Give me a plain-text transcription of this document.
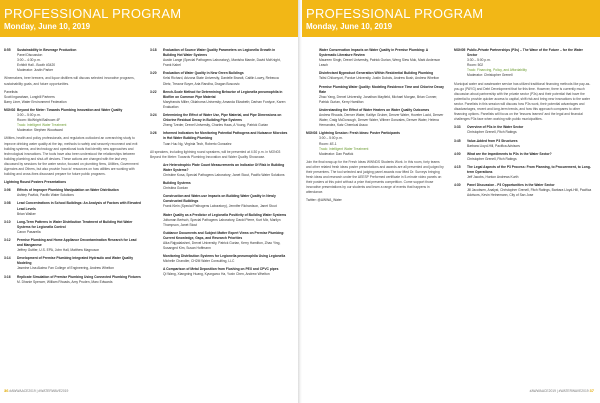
PROFESSIONAL PROGRAM
Monday, June 10, 2019
8:55	Sustainability in Beverage Production
Panel Discussion
3:00 – 4:30 p.m.
Exhibit Hall - Booth #3420
Moderator: Justin Parker
Winemakers, beer brewers, and liquor distillers will discuss selected innovative programs, sustainability goals, and future opportunities.
Panelists:
Scott Ingaraham, Longhill Partners
Barry Liner, Water Environment Federation
MON02 Beyond the Meter: Towards Plumbing Innovation and Water Quality
3:00 – 5:00 p.m.
Room: McWright Ballroom 4F
Track: Intelligent Water Treatment
Moderator: Stephen Woodward
Utilities, health and policy professionals, and regulators outlooked an overarching study to improve drinking water quality at the tap, methods to safely and securely reconnect and exit building systems, and technology and operational tools that identify new approaches and technological innovations. The tools have also been understood the relationships between building plumbing and shut-off devices. These actions are changed with the last very discussed by sessions for the water sector, focused on plumbing firms, Utilities, Government Agencies and Others, but also provide 'how-to' resources on how utilities are working with building and cross-fixes discussed prepare for future public programs.
Lightning Round Posters Presentations
3:06	Effects of Improper Plumbing Manipulation on Water Distribution
Ashley Pavlick, Pacific Water Solutions
3:08	Lead Concentrations in School Buildings: An Analysis of Factors with Elevated Lead Levels
Brian Walker
3:10	Long-Term Patterns in Water Distribution Treatment of Building Hot Water Systems for Legionella Control
Caron Pasarella
3:12	Premise Plumbing and Home Appliance Decontamination Research for Lead and Manganese
Jeffrey Guttler, U.S. EPA, John Hall, Matthew Magnuson
3:14	Development of Premise Plumbing Integrated Hydraulic and Water Quality Modeling
Jasmine Lina Alaimo Fan College of Engineering, Andrew Whelton
3:16	Replicate Simulation of Premise Plumbing Using Connected Plumbing Fixtures
M. Dhanie Spencer, William Rhoads, Amy Pruden, Marc Edwards
3:18	Evaluation of Source Water Quality Parameters on Legionella Growth in Building Hot Water Systems
Austin Lange (Special Pathogens Laboratory), Manisha Mande, David McKnight, Frank Kabel
3:20	Evaluation of Water Quality in New Green Buildings
Kelsi Richard, Arizona State University, Danielle Brandt, Caitlin Lowry, Rebecca Dietz, Treavor Boyer, Aria Randha, Dragan Boscovic
3:22	Bench-Scale Method for Determining Behavior of Legionella pneumophila in Biofilm on Common Pipe Material
Maryfrancis Miller, Oklahoma University; Amanda Elizabeth; Darhan Fordyce, Karen Evaluation
3:24	Determining the Effect of Water Use, Pipe Material, and Pipe Dimensions on Chlorine Residual Decay in Building Pipe Systems
Zheng Tzeder, Drexel University, Charles Haas, A Young, Patrick Gurian
3:26	Informed Indicators for Monitoring Potential Pathogens and Nuisance Microbes in Hot Water Building Plumbing
Tuan Huu Ng, Virginia Tech, Roberto Gonzalez
All speakers, including lightning round speakers, will be presented at 4:30 p.m. in MON03 Beyond the Meter: Towards Plumbing Innovation and Water Quality Showcase.
Are Heterotrophic Plate Count Measurements an Indicator Of Risk in Building Water Systems?
Christine Kosa, Special Pathogens Laboratory; Janet Stout, Pacific Water Solutions
Building Systems
Christina Gordan
Construction and Water-use Impacts on Building Water Quality in Newly Constructed Buildings
Frank Klein (Special Pathogens Laboratory), Jennifer Richardson, Janet Stout
Water Quality as a Predictor of Legionella Positivity of Building Water Systems
Joltuman Bertsch, Special Pathogens Laboratory, David Pierre, Kurt Mix, Marilyn Thompson, Janet Stout
Guidance Documents and Subject Matter Expert Views on Premise Plumbing: Current Knowledge, Gaps, and Research Priorities
Alka Rajyalakshmi, Drexel University, Patrick Gurian, Kerry Hamilton, Zhao Ying, Susanged Kim, Susan Hoffmann
Monitoring Distribution Systems for Legionella pneumophila Using Legionella
Michelle Chandler, CH2M Water Consulting, LLC
A Comparison of Metal Deposition from Flushing on PEX and CPVC pipes
Qi Wang, Xiangning Huang, Kyungwoo Ha, Yuxin Chen, Andrew Whelton
36 #AWWAACE2019 | #WATERWAVE2019
PROFESSIONAL PROGRAM
Monday, June 10, 2019
Water Conservation Impacts on Water Quality in Premise Plumbing: A Systematic Literature Review
Maureen Singh, Drexel University, Patrick Gurian, Weng Siew Mok, Mark Anderson Leach
Disinfectant Byproduct Generation Within Residential Building Plumbing
Tsitsi Chikonyori, Purdue University, Justin Dubois, Andrew Bush, Andrew Whelton
Premise Plumbing Water Quality: Modeling Residence Time and Chlorine Decay Rate
Zhao Yang, Drexel University, Jonathan Mayfield, Michael Morgan, Brian Conner, Patrick Gurian, Kerry Hamilton
Understanding the Effect of Water Heaters on Water Quality Outcomes
Andrew Rhoads, Denver Water, Kaitlyn Gruber, Denver Water, Hoveler Lucid, Denver Water, Craig McDonough, Denver Water, Wilmer Gonzales, Denver Water, Helena Hernandez, Katz Chemical Assoc
MON03 Lightning Session: Fresh Ideas: Poster Participants
3:00 – 5:00 p.m.
Room: 4E-1
Track: Intelligent Water Treatment
Moderator: Dan Pavlick
Join the final wrap-up for the Fresh Ideas WWNDS Students Work. In this room, forty teams and other related fresh ideas poster presentations and awards are all presented and judged by their presenters. The tool selected and judging panel awards now lifted Dr. Surveys bringing fresh ideas and research under the AEESP Preformed certificate in 5-minute video panels on their posters at this point without a prize that presents competition. Come support those innovative presentations by our students and learn a range of events that happens in attendance.
Twitter: @AWWA_Water
MON05 Public-Private Partnerships (P3s) – The Wave of the Future – for the Water Sector
3:30 – 5:00 p.m.
Room: 502
Track: Financing, Policy, and Affordability
Moderator: Christopher Grenell
Municipal water and wastewater service has utilized traditional financing methods like pay-as-you-go (PAYG) and Debt Development that for this time. However, there is currently much discussion about partnership with the private sector (P3s) and their potential that have the potential to provide quicker access to capital, shift risk and bring new innovations to the water sector. Panelists in this session will discuss how P3s work, their potential advantages and disadvantages, recent and long-term trends, and how this approach compares to other financing options. Panelists will focus on the 'lessons learned' and the legal and financial challenges P3s face when working with public municipalities.
3:33	Overview of P3s in the Water Sector
Christopher Grenell, Fitch Ratings
3:45	Value-Added from P3 Structures
Barbara Lloyd-Hill, Pacifica Advisors
4:00	What are the Impediments to P3s in the Water Sector?
Christopher Grenell, Fitch Ratings
4:15	The Legal Aspects of the P3 Process: From Planning, to Procurement, to Long-term Operations
Jeff Jacobs, Hunton Andrews Kurth
4:30	Panel Discussion - P3 Opportunities in the Water Sector
Jill Jacobsen, Analyst, Christopher Grenell, Fitch Ratings, Barbara Lloyd-Hill, Pacifica Advisors, Kevin Heinemann, City of San Jose
#AWWAACE2019 | #WATERWAVE2019 37
